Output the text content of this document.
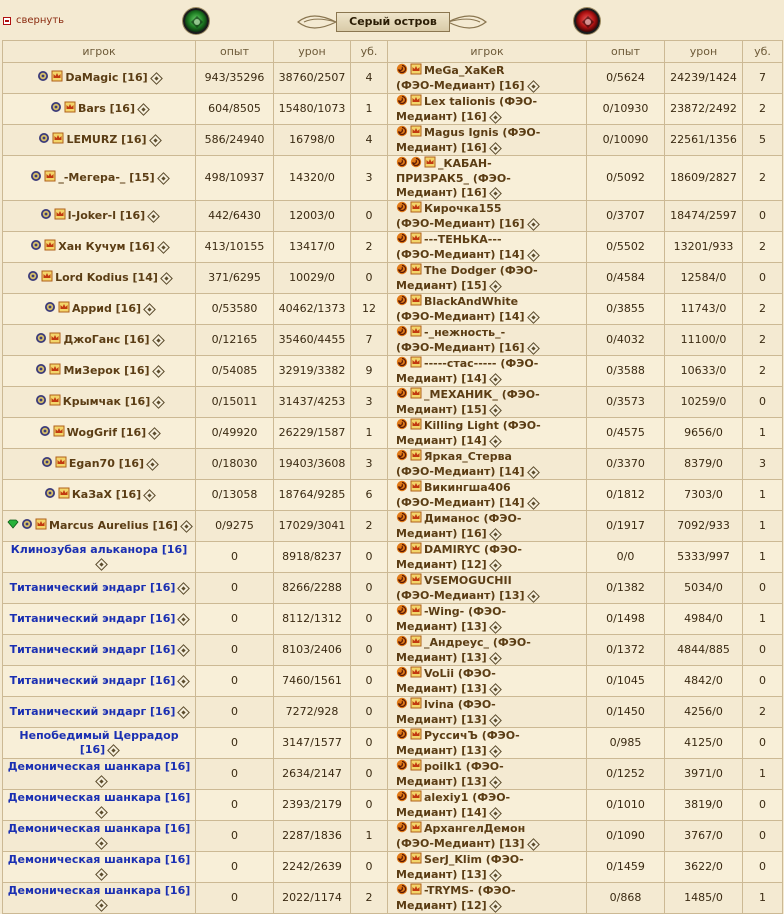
свернуть	Серый остров
игрок	опыт	урон	уб.	игрок	опыт	урон	уб.
DaMagic [16]	943/35296	38760/2507	4	MeGa_XaKeR (ФЭО-Медиант) [16]	0/5624	24239/1424	7
Bars [16]	604/8505	15480/1073	1	Lex talionis (ФЭО-Медиант) [16]	0/10930	23872/2492	2
LEMURZ [16]	586/24940	16798/0	4	Magus Ignis (ФЭО-Медиант) [16]	0/10090	22561/1356	5
_-Мегера-_ [15]	498/10937	14320/0	3	_КАБАН-ПРИЗРАК5_ (ФЭО-Медиант) [16]	0/5092	18609/2827	2
l-Joker-l [16]	442/6430	12003/0	0	Кирочка155 (ФЭО-Медиант) [16]	0/3707	18474/2597	0
Хан Кучум [16]	413/10155	13417/0	2	---ТЕНЬКА--- (ФЭО-Медиант) [14]	0/5502	13201/933	2
Lord Kodius [14]	371/6295	10029/0	0	The Dodger (ФЭО-Медиант) [15]	0/4584	12584/0	0
Арриd [16]	0/53580	40462/1373	12	BlackAndWhite (ФЭО-Медиант) [14]	0/3855	11743/0	2
ДжоГанс [16]	0/12165	35460/4455	7	-_нежность_- (ФЭО-Медиант) [16]	0/4032	11100/0	2
МиЗерок [16]	0/54085	32919/3382	9	-----стас----- (ФЭО-Медиант) [14]	0/3588	10633/0	2
Крымчак [16]	0/15011	31437/4253	3	_МЕХАНИК_ (ФЭО-Медиант) [15]	0/3573	10259/0	0
WogGrif [16]	0/49920	26229/1587	1	Killing Light (ФЭО-Медиант) [14]	0/4575	9656/0	1
Egan70 [16]	0/18030	19403/3608	3	Яркая_Стерва (ФЭО-Медиант) [14]	0/3370	8379/0	3
КаЗаХ [16]	0/13058	18764/9285	6	Викингша406 (ФЭО-Медиант) [14]	0/1812	7303/0	1
Marcus Aurelius [16]	0/9275	17029/3041	2	Диманос (ФЭО-Медиант) [16]	0/1917	7092/933	1
Клинозубая альканора [16]	0	8918/8237	0	DAMIRYC (ФЭО-Медиант) [12]	0/0	5333/997	1
Титанический эндарг [16]	0	8266/2288	0	VSEMOGUCHII (ФЭО-Медиант) [13]	0/1382	5034/0	0
Титанический эндарг [16]	0	8112/1312	0	-Wing- (ФЭО-Медиант) [13]	0/1498	4984/0	1
Титанический эндарг [16]	0	8103/2406	0	_Андреус_ (ФЭО-Медиант) [13]	0/1372	4844/885	0
Титанический эндарг [16]	0	7460/1561	0	VoLii (ФЭО-Медиант) [13]	0/1045	4842/0	0
Титанический эндарг [16]	0	7272/928	0	lvina (ФЭО-Медиант) [13]	0/1450	4256/0	2
Непобедимый Церрадор [16]	0	3147/1577	0	РуссичЪ (ФЭО-Медиант) [13]	0/985	4125/0	0
Демоническая шанкара [16]	0	2634/2147	0	poilk1 (ФЭО-Медиант) [13]	0/1252	3971/0	1
Демоническая шанкара [16]	0	2393/2179	0	alexiy1 (ФЭО-Медиант) [14]	0/1010	3819/0	0
Демоническая шанкара [16]	0	2287/1836	1	АрхангелДемон (ФЭО-Медиант) [13]	0/1090	3767/0	0
Демоническая шанкара [16]	0	2242/2639	0	SerJ_Klim (ФЭО-Медиант) [13]	0/1459	3622/0	0
Демоническая шанкара [16]	0	2022/1174	2	-TRYMS- (ФЭО-Медиант) [12]	0/868	1485/0	1
